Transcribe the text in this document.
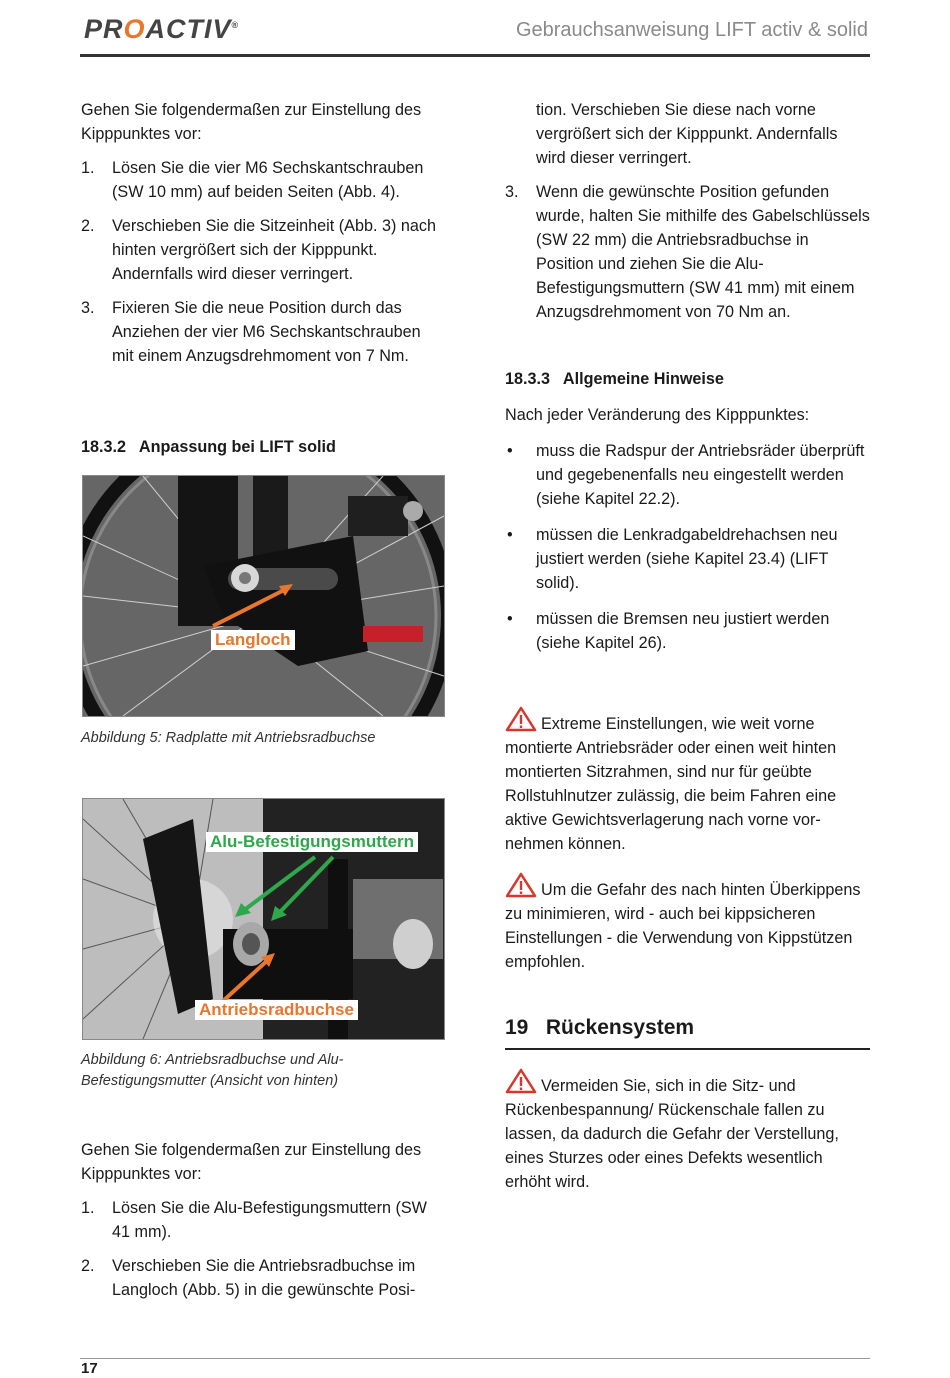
PROACTIV®	Gebrauchsanweisung LIFT activ & solid

Gehen Sie folgendermaßen zur Einstellung des Kipppunktes vor:

1. Lösen Sie die vier M6 Sechskantschrauben (SW 10 mm) auf beiden Seiten (Abb. 4).

2. Verschieben Sie die Sitzeinheit (Abb. 3) nach hinten vergrößert sich der Kipppunkt. Andernfalls wird dieser verringert.

3. Fixieren Sie die neue Position durch das Anziehen der vier M6 Sechskantschrauben mit einem Anzugsdrehmoment von 7 Nm.

18.3.2   Anpassung bei LIFT solid
Langloch
Abbildung 5: Radplatte mit Antriebsradbuchse
Alu-Befestigungsmuttern
Antriebsradbuchse
Abbildung 6: Antriebsradbuchse und Alu-Befestigungsmutter (Ansicht von hinten)

Gehen Sie folgendermaßen zur Einstellung des Kipppunktes vor:

1. Lösen Sie die Alu-Befestigungsmuttern (SW 41 mm).

2. Verschieben Sie die Antriebsradbuchse im Langloch (Abb. 5) in die gewünschte Posi-

tion. Verschieben Sie diese nach vorne vergrößert sich der Kipppunkt. Andernfalls wird dieser verringert.

3. Wenn die gewünschte Position gefunden wurde, halten Sie mithilfe des Gabelschlüssels (SW 22 mm) die Antriebsradbuchse in Position und ziehen Sie die Alu-Befestigungsmuttern (SW 41 mm) mit einem Anzugsdrehmoment von 70 Nm an.

18.3.3   Allgemeine Hinweise

Nach jeder Veränderung des Kipppunktes:

• muss die Radspur der Antriebsräder überprüft und gegebenenfalls neu eingestellt werden (siehe Kapitel 22.2).

• müssen die Lenkradgabeldrehachsen neu justiert werden (siehe Kapitel 23.4) (LIFT solid).

• müssen die Bremsen neu justiert werden (siehe Kapitel 26).

Extreme Einstellungen, wie weit vorne montierte Antriebsräder oder einen weit hinten montierten Sitzrahmen, sind nur für geübte Rollstuhlnutzer zulässig, die beim Fahren eine aktive Gewichtsverlagerung nach vorne vornehmen können.
Um die Gefahr des nach hinten Überkippens zu minimieren, wird - auch bei kippsicheren Einstellungen - die Verwendung von Kippstützen empfohlen.
19   Rückensystem
Vermeiden Sie, sich in die Sitz- und Rückenbespannung/ Rückenschale fallen zu lassen, da dadurch die Gefahr der Verstellung, eines Sturzes oder eines Defekts wesentlich erhöht wird.
17
